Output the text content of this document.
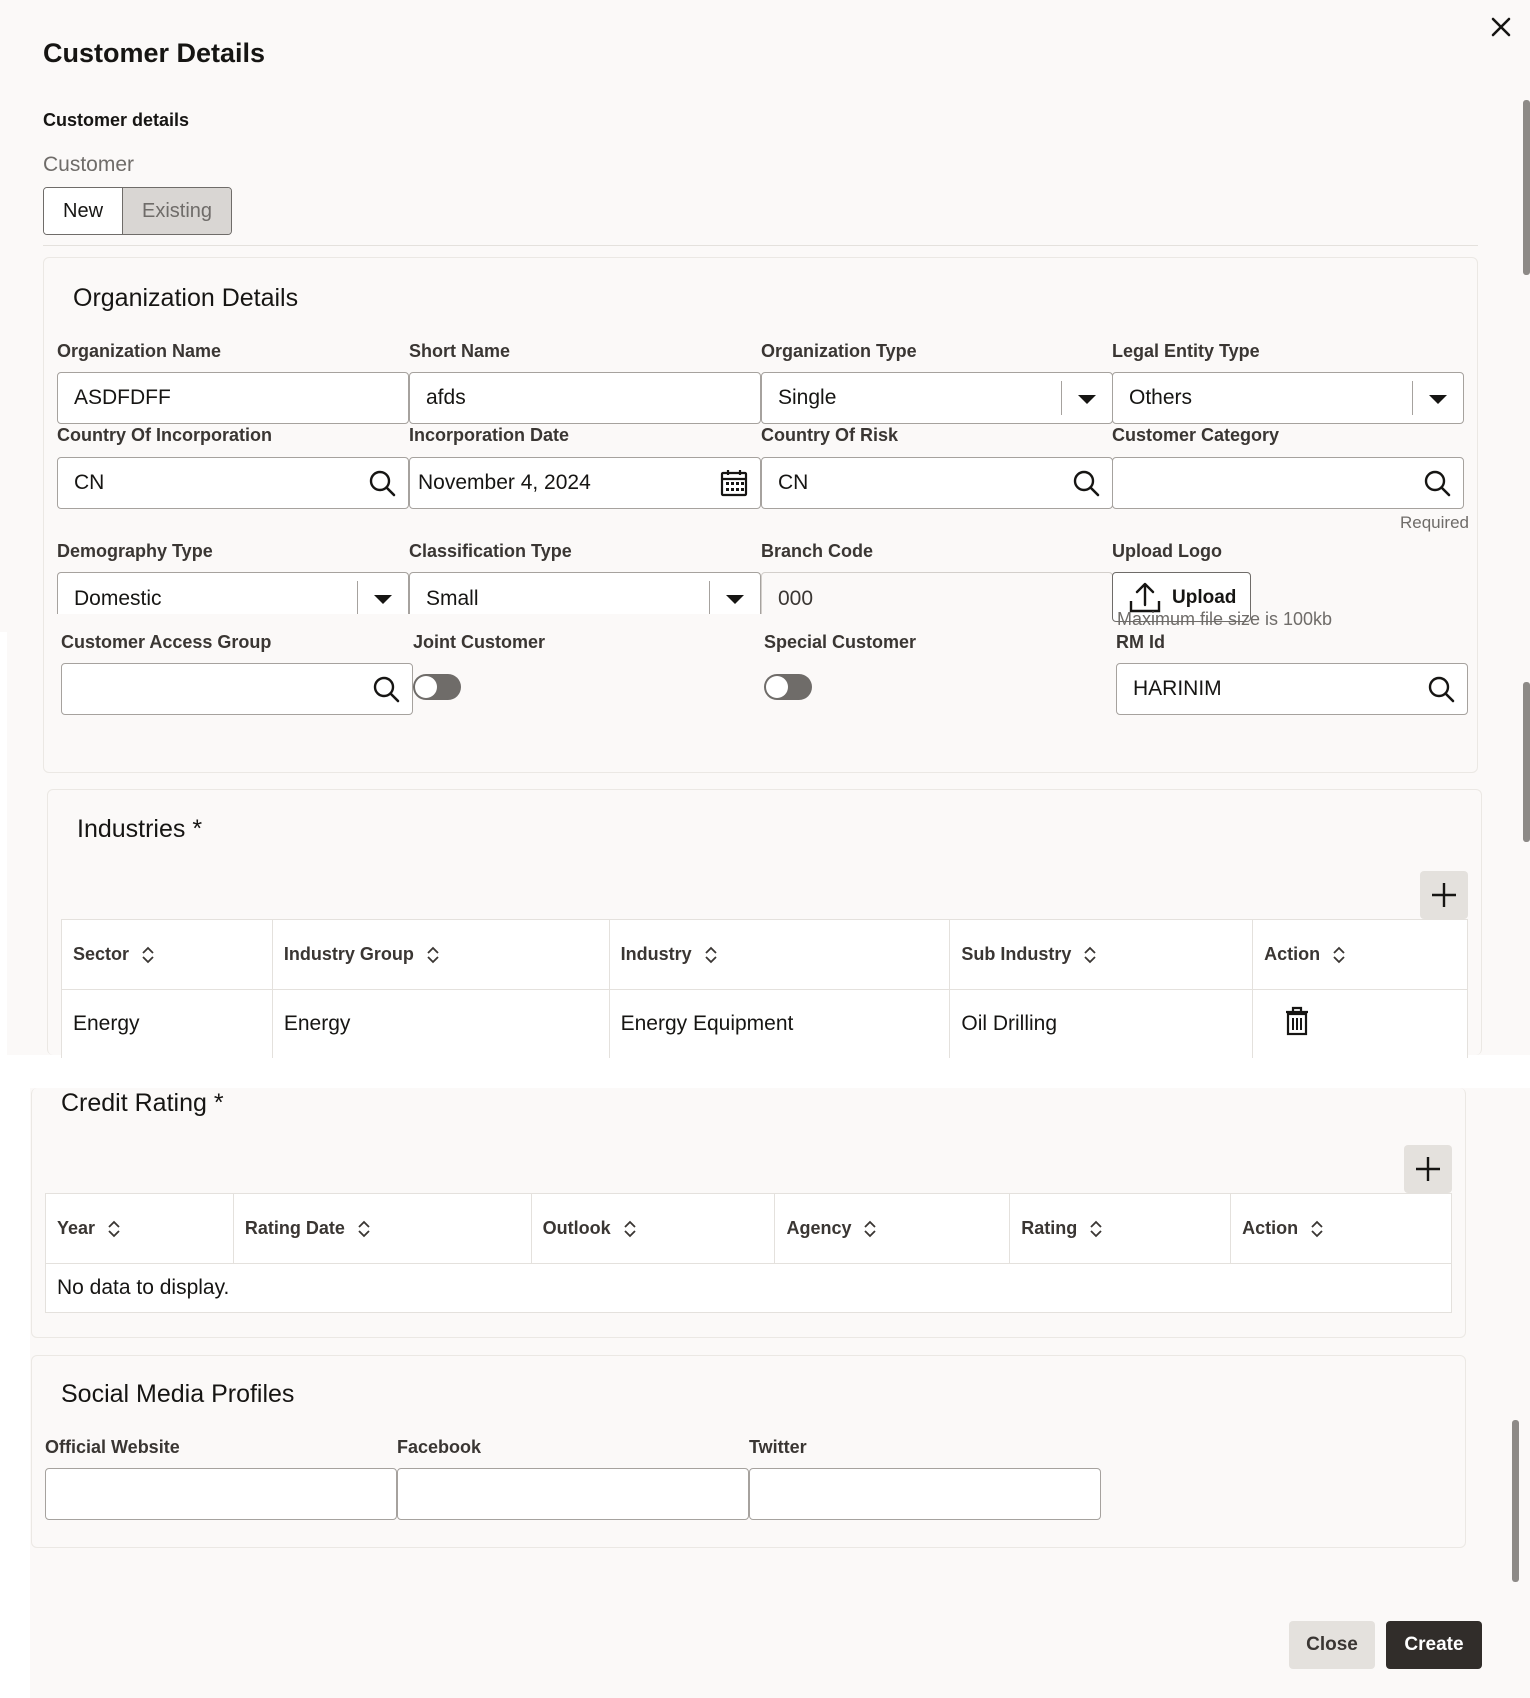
Customer Details
Customer details
Customer
New	Existing
Organization Details
Organization Name
ASDFDFF
Short Name
afds
Organization Type
Single
Legal Entity Type
Others
Country Of Incorporation
CN
Incorporation Date
November 4, 2024
Country Of Risk
CN
Customer Category
Required
Demography Type
Domestic
Classification Type
Small
Branch Code
000
Upload Logo
Upload
Maximum file size is 100kb
Customer Access Group	Joint Customer	Special Customer	RM Id
HARINIM
Industries *
Sector	Industry Group	Industry	Sub Industry	Action
Energy	Energy	Energy Equipment	Oil Drilling	
Credit Rating *
Year	Rating Date	Outlook	Agency	Rating	Action
No data to display.
Social Media Profiles
Official Website	Facebook	Twitter
Close	Create
